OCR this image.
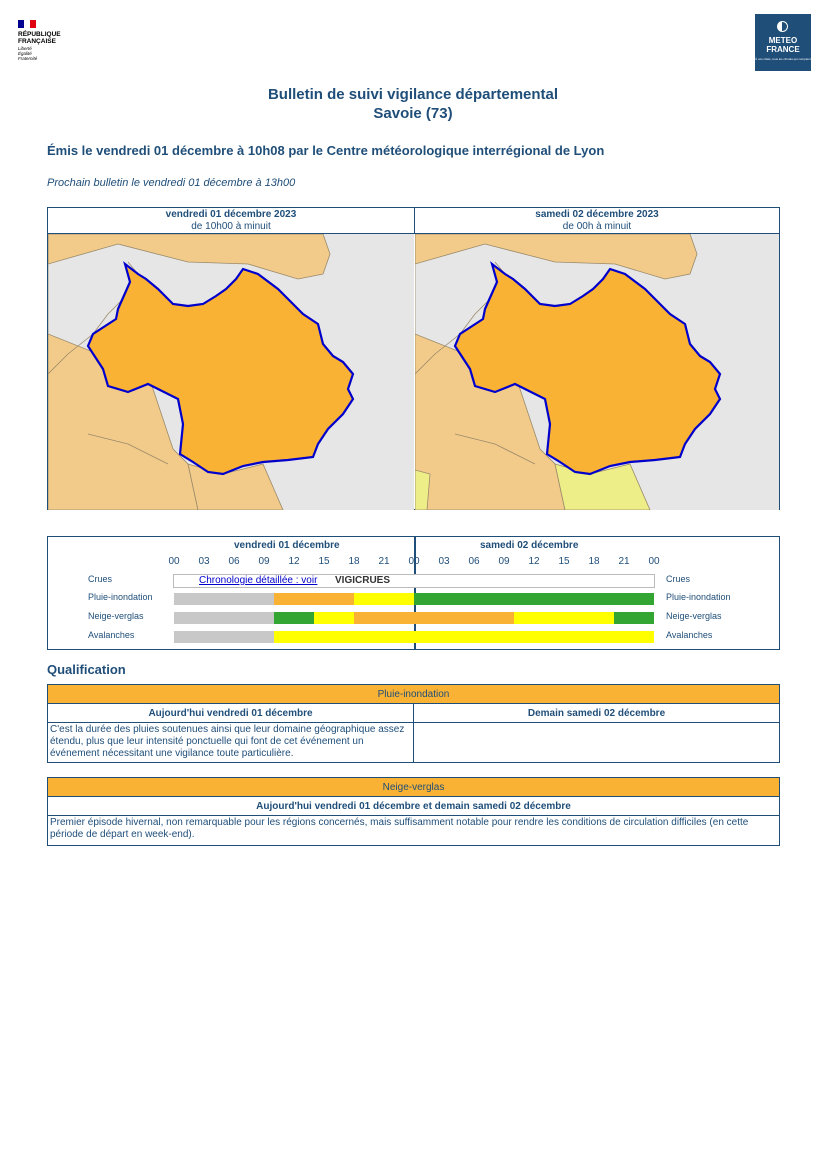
RÉPUBLIQUE
FRANÇAISE
Liberté
Égalité
Fraternité
METEO
FRANCE
À vos côtés, tous les climats qui comptent
Bulletin de suivi vigilance départemental
Savoie (73)
Émis le vendredi 01 décembre à 10h08 par le Centre météorologique interrégional de Lyon
Prochain bulletin le vendredi 01 décembre à 13h00
vendredi 01 décembre 2023
de 10h00 à minuit
samedi 02 décembre 2023
de 00h à minuit
vendredi 01 décembre	samedi 02 décembre
Crues
Pluie-inondation
Neige-verglas
Avalanches
Crues
Pluie-inondation
Neige-verglas
Avalanches
Chronologie détaillée : voir VIGICRUES
00	03	06	09	12	15	18	21	00	03	06	09	12	15	18	21	00
Qualification
Pluie-inondation	
Aujourd'hui vendredi 01 décembre	Demain samedi 02 décembre
C'est la durée des pluies soutenues ainsi que leur domaine géographique assez étendu, plus que leur intensité ponctuelle qui font de cet événement un événement nécessitant une vigilance toute particulière.	
Neige-verglas
Aujourd'hui vendredi 01 décembre et demain samedi 02 décembre
Premier épisode hivernal, non remarquable pour les régions concernés, mais suffisamment notable pour rendre les conditions de circulation difficiles (en cette période de départ en week-end).
